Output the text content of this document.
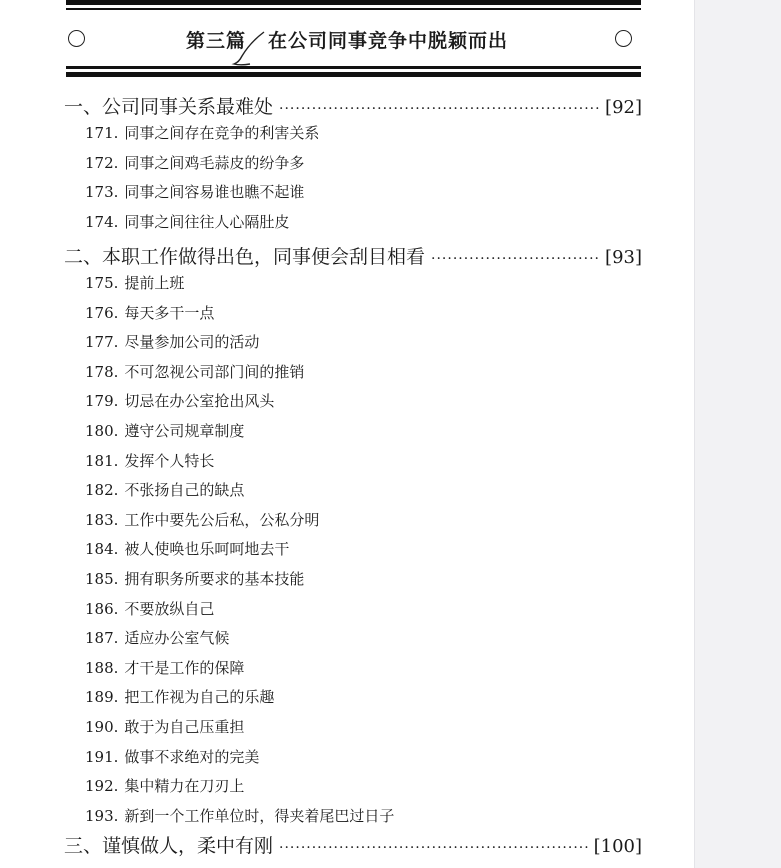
第三篇 在公司同事竞争中脱颖而出
一、公司同事关系最难处 ·····	[92]
171. 同事之间存在竞争的利害关系
172. 同事之间鸡毛蒜皮的纷争多
173. 同事之间容易谁也瞧不起谁
174. 同事之间往往人心隔肚皮
二、本职工作做得出色，同事便会刮目相看 ·····	[93]
175. 提前上班
176. 每天多干一点
177. 尽量参加公司的活动
178. 不可忽视公司部门间的推销
179. 切忌在办公室抢出风头
180. 遵守公司规章制度
181. 发挥个人特长
182. 不张扬自己的缺点
183. 工作中要先公后私，公私分明
184. 被人使唤也乐呵呵地去干
185. 拥有职务所要求的基本技能
186. 不要放纵自己
187. 适应办公室气候
188. 才干是工作的保障
189. 把工作视为自己的乐趣
190. 敢于为自己压重担
191. 做事不求绝对的完美
192. 集中精力在刀刃上
193. 新到一个工作单位时，得夹着尾巴过日子
三、谨慎做人，柔中有刚 ·····	[100]
